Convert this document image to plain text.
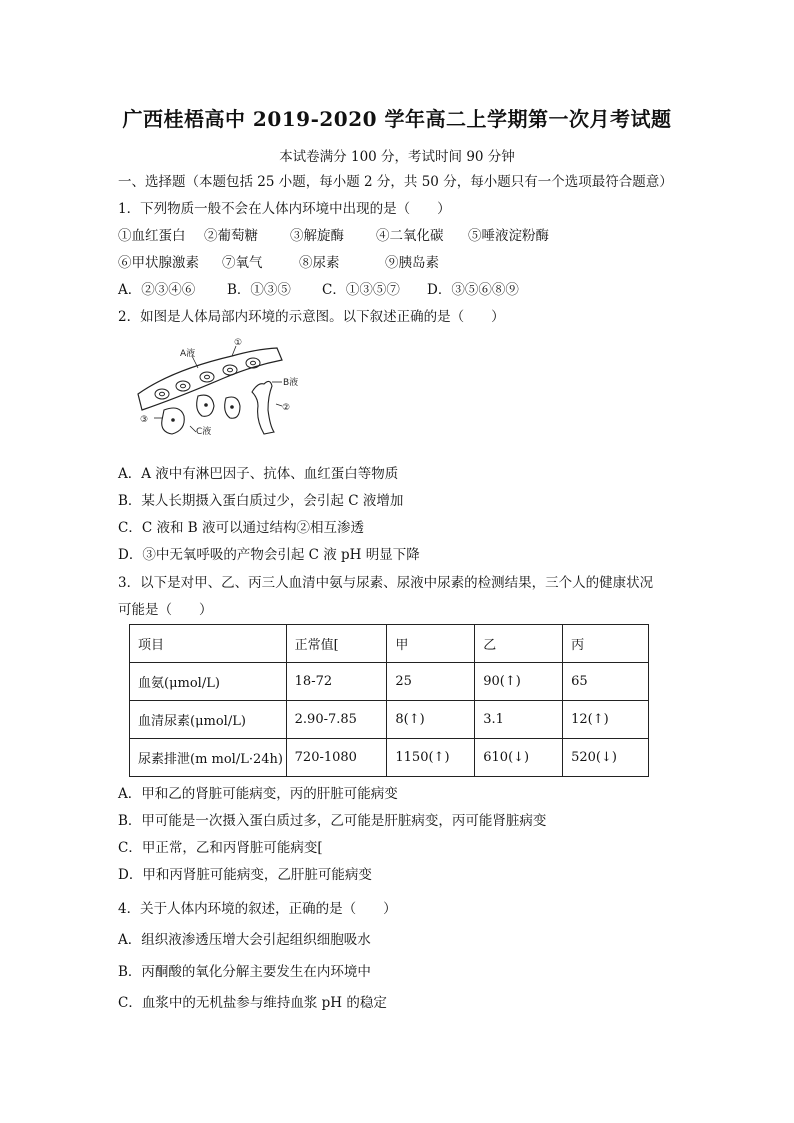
广西桂梧高中 2019-2020 学年高二上学期第一次月考试题
本试卷满分 100 分，考试时间 90 分钟
一、选择题（本题包括 25 小题，每小题 2 分，共 50 分，每小题只有一个选项最符合题意）
1．下列物质一般不会在人体内环境中出现的是（　　）
①血红蛋白 ②葡萄糖 ③解旋酶 ④二氧化碳 ⑤唾液淀粉酶
⑥甲状腺激素 ⑦氧气	⑧尿素	⑨胰岛素
A．②③④⑥ B．①③⑤ C．①③⑤⑦ D．③⑤⑥⑧⑨
2．如图是人体局部内环境的示意图。以下叙述正确的是（　　）
A液
①
B液
②
③
C液
A．A 液中有淋巴因子、抗体、血红蛋白等物质
B．某人长期摄入蛋白质过少，会引起 C 液增加
C．C 液和 B 液可以通过结构②相互渗透
D．③中无氧呼吸的产物会引起 C 液 pH 明显下降
3．以下是对甲、乙、丙三人血清中氨与尿素、尿液中尿素的检测结果，三个人的健康状况
可能是（　　）
项目	正常值[	甲	乙	丙
血氨(μmol/L)	18-72	25	90(↑)	65
血清尿素(μmol/L)	2.90-7.85	8(↑)	3.1	12(↑)
尿素排泄(m mol/L·24h)	720-1080	1150(↑)	610(↓)	520(↓)
A．甲和乙的肾脏可能病变，丙的肝脏可能病变
B．甲可能是一次摄入蛋白质过多，乙可能是肝脏病变，丙可能肾脏病变
C．甲正常，乙和丙肾脏可能病变[
D．甲和丙肾脏可能病变，乙肝脏可能病变
4．关于人体内环境的叙述，正确的是（　　）
A．组织液渗透压增大会引起组织细胞吸水
B．丙酮酸的氧化分解主要发生在内环境中
C．血浆中的无机盐参与维持血浆 pH 的稳定
